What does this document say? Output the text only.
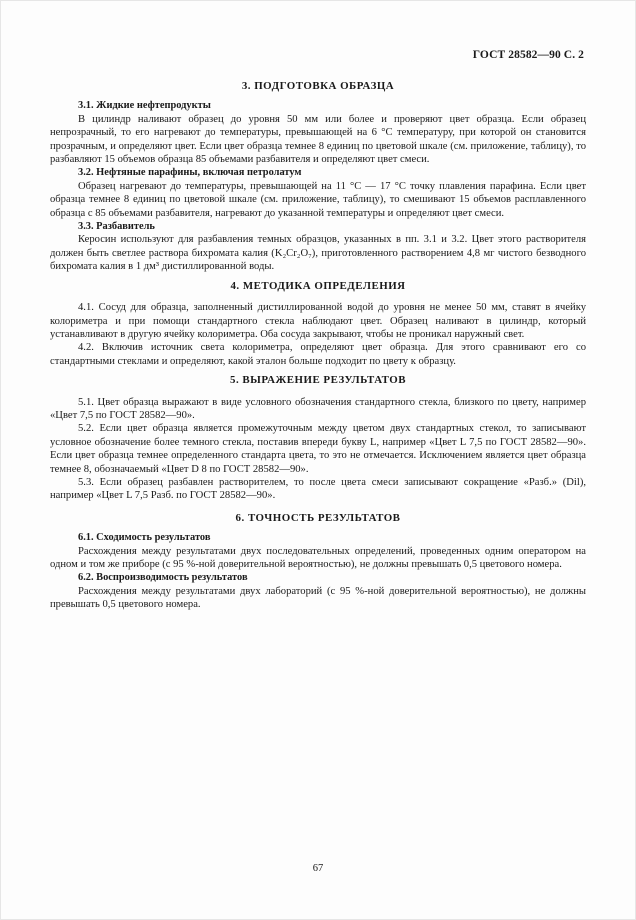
ГОСТ 28582—90 С. 2
3. ПОДГОТОВКА ОБРАЗЦА
3.1. Жидкие нефтепродукты

В цилиндр наливают образец до уровня 50 мм или более и проверяют цвет образца. Если образец непрозрачный, то его нагревают до температуры, превышающей на 6 °С температуру, при которой он становится прозрачным, и определяют цвет. Если цвет образца темнее 8 единиц по цветовой шкале (см. приложение, таблицу), то разбавляют 15 объемов образца 85 объемами разбавителя и определяют цвет смеси.

3.2. Нефтяные парафины, включая петролатум

Образец нагревают до температуры, превышающей на 11 °С — 17 °С точку плавления парафина. Если цвет образца темнее 8 единиц по цветовой шкале (см. приложение, таблицу), то смешивают 15 объемов расплавленного образца с 85 объемами разбавителя, нагревают до указанной температуры и определяют цвет смеси.

3.3. Разбавитель

Керосин используют для разбавления темных образцов, указанных в пп. 3.1 и 3.2. Цвет этого растворителя должен быть светлее раствора бихромата калия (K₂Cr₂O₇), приготовленного растворением 4,8 мг чистого безводного бихромата калия в 1 дм³ дистиллированной воды.

4. МЕТОДИКА ОПРЕДЕЛЕНИЯ

4.1. Сосуд для образца, заполненный дистиллированной водой до уровня не менее 50 мм, ставят в ячейку колориметра и при помощи стандартного стекла наблюдают цвет. Образец наливают в цилиндр, который устанавливают в другую ячейку колориметра. Оба сосуда закрывают, чтобы не проникал наружный свет.

4.2. Включив источник света колориметра, определяют цвет образца. Для этого сравнивают его со стандартными стеклами и определяют, какой эталон больше подходит по цвету к образцу.

5. ВЫРАЖЕНИЕ РЕЗУЛЬТАТОВ

5.1. Цвет образца выражают в виде условного обозначения стандартного стекла, близкого по цвету, например «Цвет 7,5 по ГОСТ 28582—90».

5.2. Если цвет образца является промежуточным между цветом двух стандартных стекол, то записывают условное обозначение более темного стекла, поставив впереди букву L, например «Цвет L 7,5 по ГОСТ 28582—90». Если цвет образца темнее определенного стандарта цвета, то это не отмечается. Исключением является цвет образца темнее 8, обозначаемый «Цвет D 8 по ГОСТ 28582—90».

5.3. Если образец разбавлен растворителем, то после цвета смеси записывают сокращение «Разб.» (Dil), например «Цвет L 7,5 Разб. по ГОСТ 28582—90».

6. ТОЧНОСТЬ РЕЗУЛЬТАТОВ
6.1. Сходимость результатов

Расхождения между результатами двух последовательных определений, проведенных одним оператором на одном и том же приборе (с 95 %-ной доверительной вероятностью), не должны превышать 0,5 цветового номера.

6.2. Воспроизводимость результатов

Расхождения между результатами двух лабораторий (с 95 %-ной доверительной вероятностью), не должны превышать 0,5 цветового номера.

67
